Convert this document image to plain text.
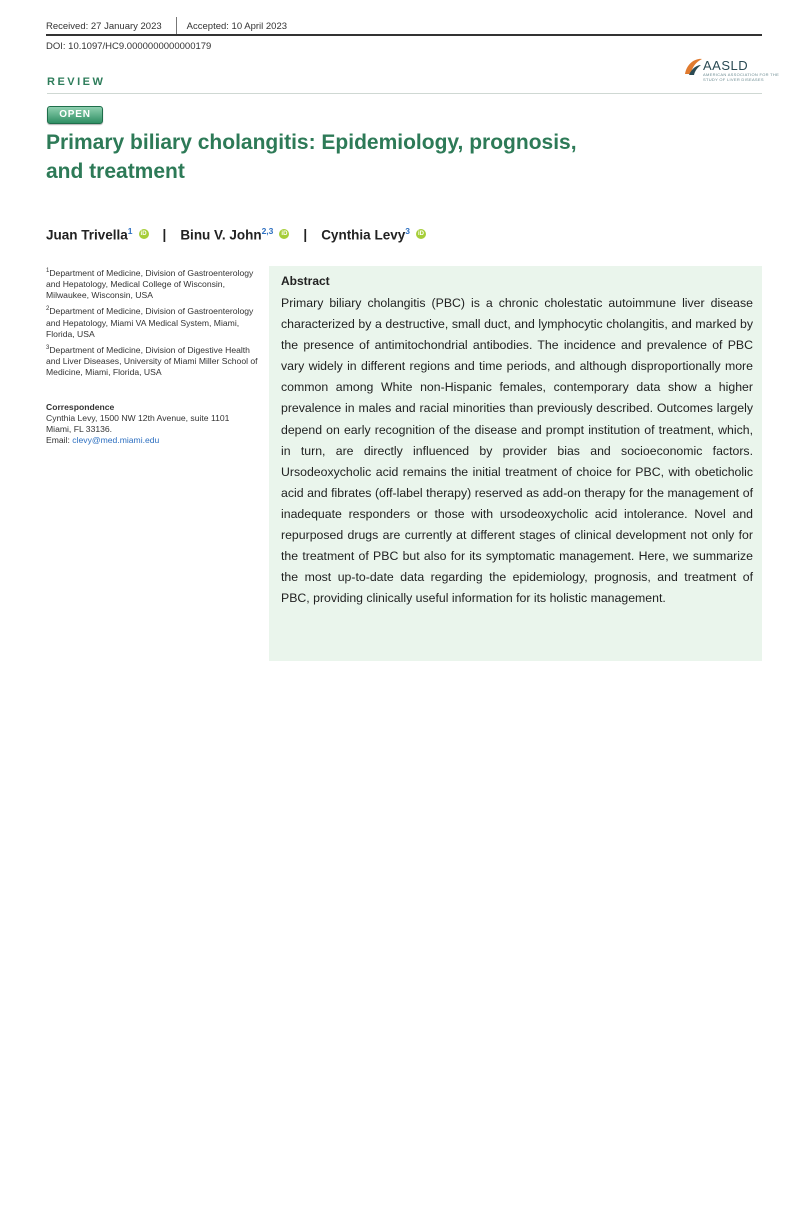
Received: 27 January 2023	Accepted: 10 April 2023
DOI: 10.1097/HC9.0000000000000179
AASLD
AMERICAN ASSOCIATION FOR THE STUDY OF LIVER DISEASES
REVIEW
OPEN
Primary biliary cholangitis: Epidemiology, prognosis,
and treatment
Juan Trivella$^1$	iD | Binu V. John$^{2,3}$	iD | Cynthia Levy$^3$	iD

$^1$Department of Medicine, Division of Gastroenterology and Hepatology, Medical College of Wisconsin, Milwaukee, Wisconsin, USA

$^2$Department of Medicine, Division of Gastroenterology and Hepatology, Miami VA Medical System, Miami, Florida, USA

$^3$Department of Medicine, Division of Digestive Health and Liver Diseases, University of Miami Miller School of Medicine, Miami, Florida, USA

Correspondence
Cynthia Levy, 1500 NW 12th Avenue, suite 1101 Miami, FL 33136.
Email: clevy@med.miami.edu
Abstract
Primary biliary cholangitis (PBC) is a chronic cholestatic autoimmune liver disease characterized by a destructive, small duct, and lymphocytic cholangitis, and marked by the presence of antimitochondrial antibodies. The incidence and prevalence of PBC vary widely in different regions and time periods, and although disproportionally more common among White non-Hispanic females, contemporary data show a higher prevalence in males and racial minorities than previously described. Outcomes largely depend on early recognition of the disease and prompt institution of treatment, which, in turn, are directly influenced by provider bias and socioeconomic factors. Ursodeoxycholic acid remains the initial treatment of choice for PBC, with obeticholic acid and fibrates (off-label therapy) reserved as add-on therapy for the management of inadequate responders or those with ursodeoxycholic acid intolerance. Novel and repurposed drugs are currently at different stages of clinical development not only for the treatment of PBC but also for its symptomatic management. Here, we summarize the most up-to-date data regarding the epidemiology, prognosis, and treatment of PBC, providing clinically useful information for its holistic management.
